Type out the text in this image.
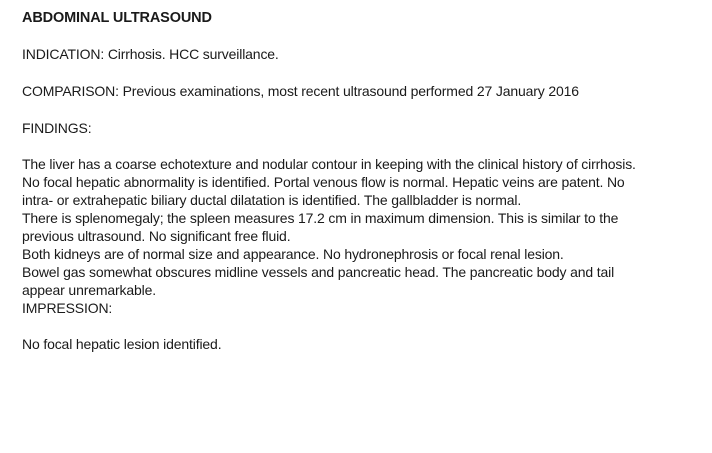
ABDOMINAL ULTRASOUND
INDICATION: Cirrhosis. HCC surveillance.
COMPARISON: Previous examinations, most recent ultrasound performed 27 January 2016
FINDINGS:
The liver has a coarse echotexture and nodular contour in keeping with the clinical history of cirrhosis.
No focal hepatic abnormality is identified. Portal venous flow is normal. Hepatic veins are patent. No
intra- or extrahepatic biliary ductal dilatation is identified. The gallbladder is normal.
There is splenomegaly; the spleen measures 17.2 cm in maximum dimension. This is similar to the
previous ultrasound. No significant free fluid.
Both kidneys are of normal size and appearance. No hydronephrosis or focal renal lesion.
Bowel gas somewhat obscures midline vessels and pancreatic head. The pancreatic body and tail
appear unremarkable.
IMPRESSION:
No focal hepatic lesion identified.
